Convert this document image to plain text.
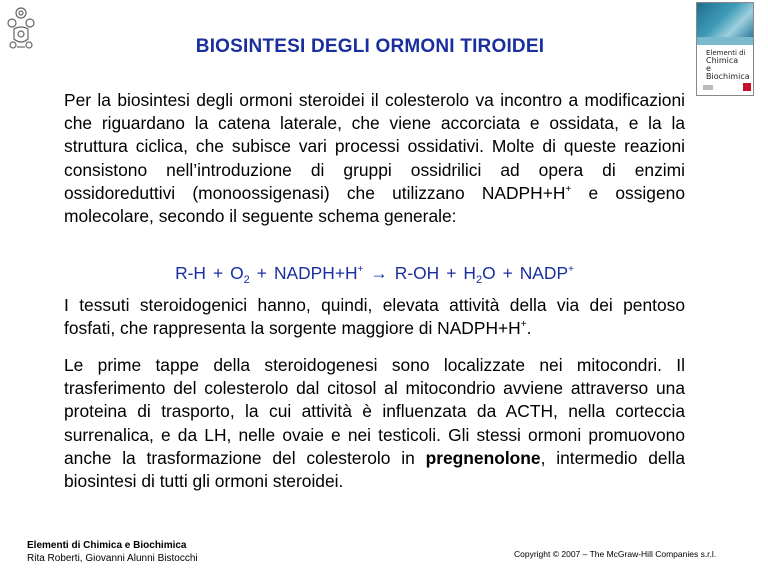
Elementi di
Chimica
e Biochimica
BIOSINTESI DEGLI ORMONI TIROIDEI

Per la biosintesi degli ormoni steroidei il colesterolo va incontro a modificazioni che riguardano la catena laterale, che viene accorciata e ossidata, e la la struttura ciclica, che subisce vari processi ossidativi. Molte di queste reazioni consistono nell’introduzione di gruppi ossidrilici ad opera di enzimi ossidoreduttivi (monoossigenasi) che utilizzano NADPH+H+ e ossigeno molecolare, secondo il seguente schema generale:

$R-H + O_2$ + NADPH+H+ → $R-OH + H_2O$ + NADP+

I tessuti steroidogenici hanno, quindi, elevata attività della via dei pentoso fosfati, che rappresenta la sorgente maggiore di NADPH+H+.

Le prime tappe della steroidogenesi sono localizzate nei mitocondri. Il trasferimento del colesterolo dal citosol al mitocondrio avviene attraverso una proteina di trasporto, la cui attività è influenzata da ACTH, nella corteccia surrenalica, e da LH, nelle ovaie e nei testicoli. Gli stessi ormoni promuovono anche la trasformazione del colesterolo in pregnenolone, intermedio della biosintesi di tutti gli ormoni steroidei.

Elementi di Chimica e Biochimica
Rita Roberti, Giovanni Alunni Bistocchi	Copyright © 2007 – The McGraw-Hill Companies s.r.l.
